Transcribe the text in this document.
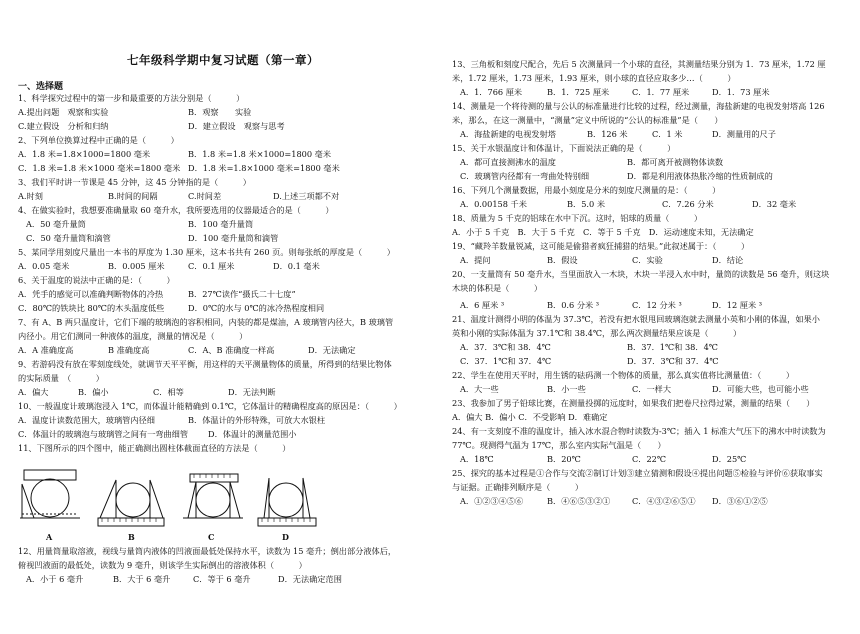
七年级科学期中复习试题（第一章）
一、选择题
1、科学探究过程中的第一步和最重要的方法分别是（　　　）
A.提出问题　观察和实验	B．观察　　实验
C.建立假设　分析和归纳	D．建立假设　观察与思考
2、下列单位换算过程中正确的是（　　　）
A．1.8 米=1.8×1000=1800 毫米	B．1.8 米=1.8 米×1000=1800 毫米
C．1.8 米=1.8 米×1000 毫米=1800 毫米 D．1.8 米=1.8×1000 毫米=1800 毫米
3、我们平时讲一节课是 45 分钟，这 45 分钟指的是（　　　）
A.时刻	B.时间的间隔	C.时间差	D.上述三项都不对
4、在做实验时，我想要准确量取 60 毫升水，我所要选用的仪器最适合的是（　　　）
A．50 毫升量筒	B．100 毫升量筒
C．50 毫升量筒和滴管	D．100 毫升量筒和滴管
5、某同学用刻度尺量出一本书的厚度为 1.30 厘米，这本书共有 260 页。则每张纸的厚度是（　　　）
A．0.05 毫米	B．0.005 厘米	C．0.1 厘米	D．0.1 毫米
6、关于温度的说法中正确的是：（　　　）
A．凭手的感觉可以准确判断物体的冷热	B．27℃读作“摄氏二十七度”
C．80℃的铁块比 80℃的木头温度低些	D．0℃的水与 0℃的冰冷热程度相同
7、有 A、B 两只温度计，它们下端的玻璃泡的容积相同，内装的都是煤油，A 玻璃管内径大，B 玻璃管
内径小。用它们测同一种液体的温度，测量的情况是（　　　）
A．A 准确度高	B 准确度高	C．A、B 准确度一样高	D．无法确定
9、若游码没有放在零刻度线处，就调节天平平衡，用这样的天平测量物体的质量，所得到的结果比物体
的实际质量　（　　　）
A．偏大	B．偏小	C．相等	D．无法判断
10、一般温度计玻璃泡浸入 1℃，而体温计能精确到 0.1℃，它体温计的精确程度高的原因是：（　　　）
A．温度计读数范围大，玻璃管内径细	B．体温计的外形特殊，可放大水银柱
C．体温计的玻璃泡与玻璃管之间有一弯曲细管 D．体温计的测量范围小
11、下图所示的四个图中，能正确测出圆柱体截面直径的方法是（　　　）
12、用量筒量取溶液，视线与量筒内液体的凹液面最低处保持水平，读数为 15 毫升；倒出部分液体后，
俯视凹液面的最低处，读数为 9 毫升，则该学生实际倒出的溶液体积（　　　）
A．小于 6 毫升	B．大于 6 毫升	C．等于 6 毫升	D．无法确定范围
A	B	C	D
13、三角板和刻度尺配合，先后 5 次测量同一个小球的直径，其测量结果分别为 1．73 厘米，1.72 厘
米，1.72 厘米，1.73 厘米，1.93 厘米，则小球的直径应取多少…（　　　）
A．1．766 厘米	B．1．725 厘米	C．1．77 厘米	D．1．73 厘米
14、测量是一个将待测的量与公认的标准量进行比较的过程，经过测量，海盐新建的电视发射塔高 126
米，那么，在这一测量中，“测量”定义中所说的“公认的标准量”是（　　）
A．海盐新建的电视发射塔	B．126 米	C．1 米	D．测量用的尺子
15、关于水银温度计和体温计，下面说法正确的是（　　　）
A．都可直接测沸水的温度	B．都可离开被测物体读数
C．玻璃管内径都有一弯曲处特别细	D．都是利用液体热胀冷缩的性质制成的
16、下列几个测量数据，用最小刻度是分米的刻度尺测量的是：（　　　）
A．0.00158 千米	B．5.0 米	C．7.26 分米	D．32 毫米
18、质量为 5 千克的铝球在水中下沉。这时，铝球的质量（　　　）
A．小于 5 千克　B．大于 5 千克　C．等于 5 千克　D．运动速度未知，无法确定
19、“藏羚羊数量锐减，这可能是偷猎者疯狂捕猎的结果。”此叙述属于：（　　　）
A．提问	B．假设	C．实验	D．结论
20、一支量筒有 50 毫升水，当里面放入一木块，木块一半浸入水中时，量筒的读数是 56 毫升，则这块
木块的体积是（　　　）
A．6 厘米 ³	B．0.6 分米 ³	C．12 分米 ³	D．12 厘米 ³
21、温度计测得小明的体温为 37.3℃，若没有把水银甩回玻璃泡就去测量小英和小刚的体温，如果小
英和小刚的实际体温为 37.1℃和 38.4℃，那么两次测量结果应该是（　　　）
A．37．3℃和 38．4℃	B．37．1℃和 38．4℃
C．37．1℃和 37．4℃	D．37．3℃和 37．4℃
22、学生在使用天平时，用生锈的砝码测一个物体的质量，那么真实值将比测量值：（　　　）
A．大一些	B．小一些	C．一样大	D．可能大些，也可能小些
23、我参加了男子铅球比赛，在测量投掷的远度时，如果我们把卷尺拉得过紧，测量的结果（　　）
A．偏大 B．偏小 C．不受影响 D．难确定
24、有一支刻度不准的温度计，插入冰水混合物时读数为-3℃；插入 1 标准大气压下的沸水中时读数为
77℃。现测得气温为 17℃，那么室内实际气温是（　　）
A．18℃	B．20℃	C．22℃	D．25℃
25、探究的基本过程是①合作与交流②制订计划③建立猜测和假设④提出问题⑤检验与评价⑥获取事实
与证据。正确排列顺序是（　　　）
A．①②③④⑤⑥	B．④⑥⑤③②①	C．④③②⑥⑤① D．③⑥①②⑤
